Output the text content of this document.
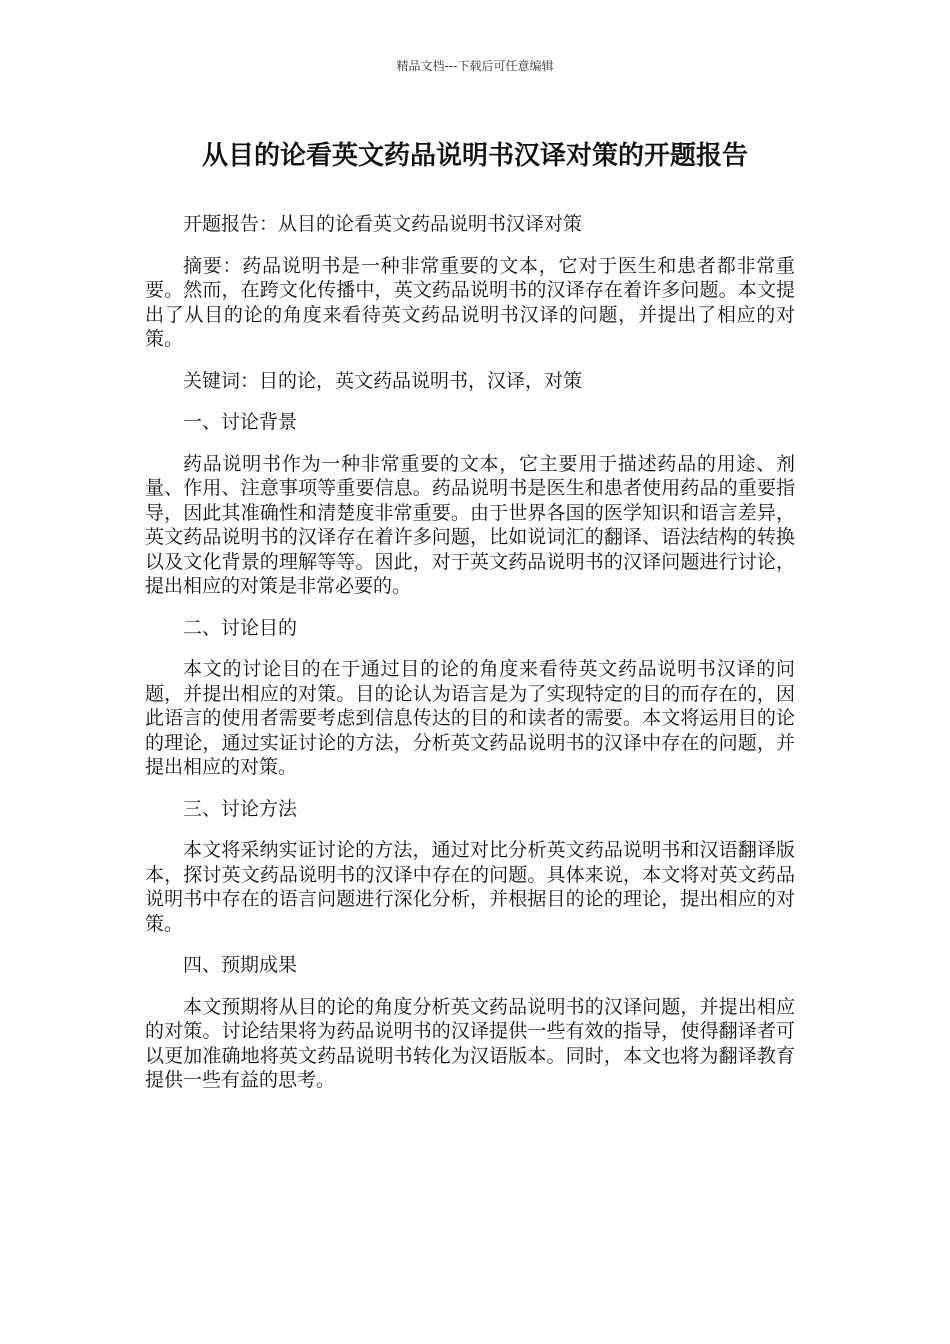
精品文档---下载后可任意编辑
从目的论看英文药品说明书汉译对策的开题报告

开题报告：从目的论看英文药品说明书汉译对策

摘要：药品说明书是一种非常重要的文本，它对于医生和患者都非常重要。然而，在跨文化传播中，英文药品说明书的汉译存在着许多问题。本文提出了从目的论的角度来看待英文药品说明书汉译的问题，并提出了相应的对策。

关键词：目的论，英文药品说明书，汉译，对策

一、讨论背景

药品说明书作为一种非常重要的文本，它主要用于描述药品的用途、剂量、作用、注意事项等重要信息。药品说明书是医生和患者使用药品的重要指导，因此其准确性和清楚度非常重要。由于世界各国的医学知识和语言差异，英文药品说明书的汉译存在着许多问题，比如说词汇的翻译、语法结构的转换以及文化背景的理解等等。因此，对于英文药品说明书的汉译问题进行讨论，提出相应的对策是非常必要的。

二、讨论目的

本文的讨论目的在于通过目的论的角度来看待英文药品说明书汉译的问题，并提出相应的对策。目的论认为语言是为了实现特定的目的而存在的，因此语言的使用者需要考虑到信息传达的目的和读者的需要。本文将运用目的论的理论，通过实证讨论的方法，分析英文药品说明书的汉译中存在的问题，并提出相应的对策。

三、讨论方法

本文将采纳实证讨论的方法，通过对比分析英文药品说明书和汉语翻译版本，探讨英文药品说明书的汉译中存在的问题。具体来说，本文将对英文药品说明书中存在的语言问题进行深化分析，并根据目的论的理论，提出相应的对策。

四、预期成果

本文预期将从目的论的角度分析英文药品说明书的汉译问题，并提出相应的对策。讨论结果将为药品说明书的汉译提供一些有效的指导，使得翻译者可以更加准确地将英文药品说明书转化为汉语版本。同时，本文也将为翻译教育提供一些有益的思考。
